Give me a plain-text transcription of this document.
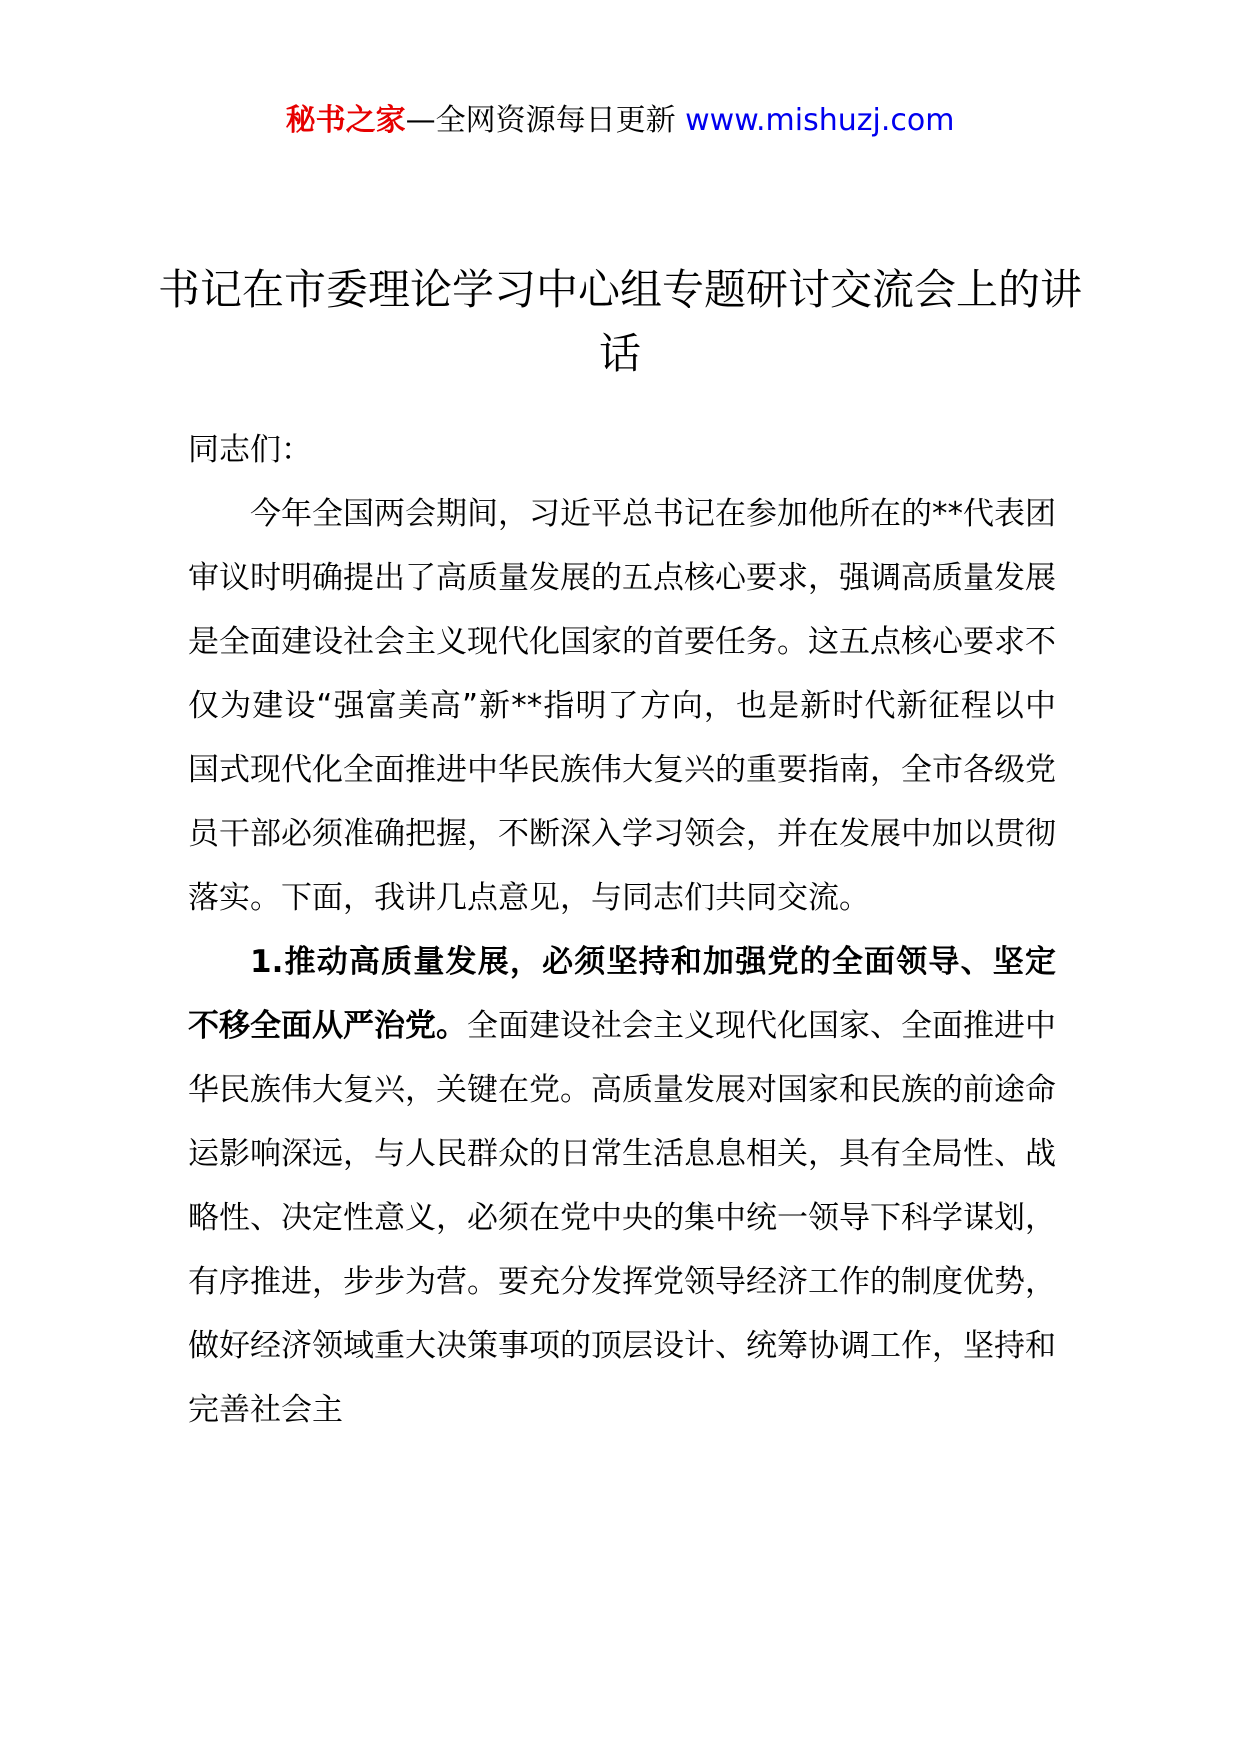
秘书之家—全网资源每日更新 www.mishuzj.com
书记在市委理论学习中心组专题研讨交流会上的讲话

同志们：

今年全国两会期间，习近平总书记在参加他所在的**代表团审议时明确提出了高质量发展的五点核心要求，强调高质量发展是全面建设社会主义现代化国家的首要任务。这五点核心要求不仅为建设“强富美高”新**指明了方向，也是新时代新征程以中国式现代化全面推进中华民族伟大复兴的重要指南，全市各级党员干部必须准确把握，不断深入学习领会，并在发展中加以贯彻落实。下面，我讲几点意见，与同志们共同交流。

1.推动高质量发展，必须坚持和加强党的全面领导、坚定不移全面从严治党。全面建设社会主义现代化国家、全面推进中华民族伟大复兴，关键在党。高质量发展对国家和民族的前途命运影响深远，与人民群众的日常生活息息相关，具有全局性、战略性、决定性意义，必须在党中央的集中统一领导下科学谋划，有序推进，步步为营。要充分发挥党领导经济工作的制度优势，做好经济领域重大决策事项的顶层设计、统筹协调工作，坚持和完善社会主
